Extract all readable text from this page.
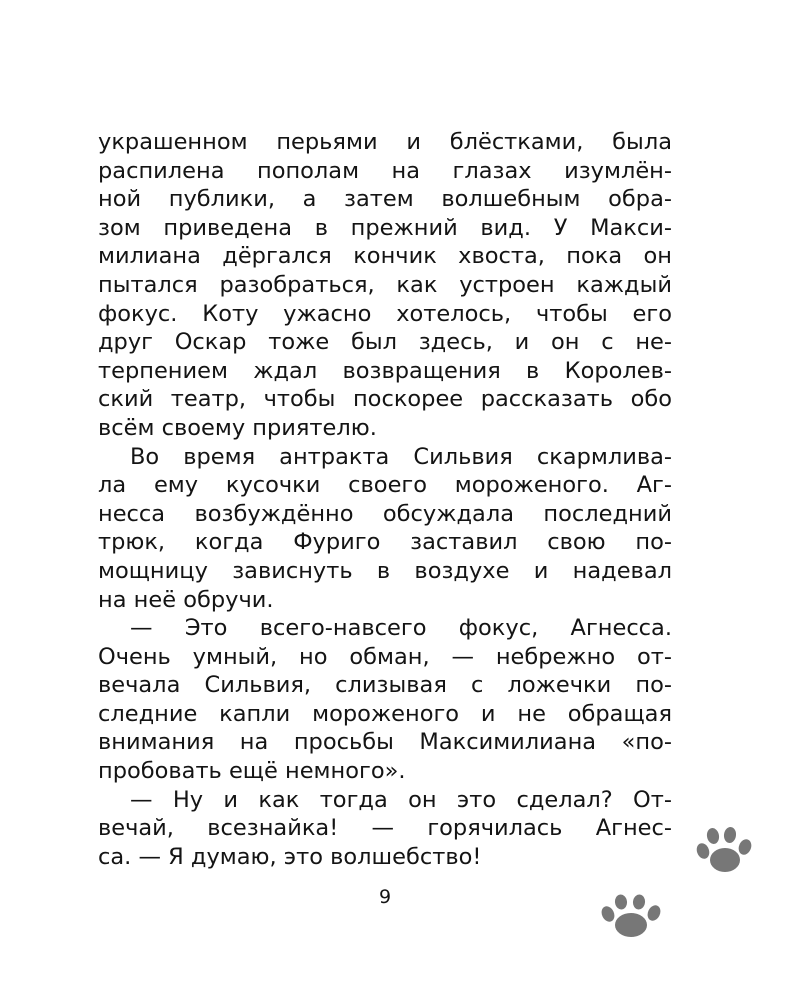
украшенном перьями и блёстками, была
распилена пополам на глазах изумлён-
ной публики, а затем волшебным обра-
зом приведена в прежний вид. У Макси-
милиана дёргался кончик хвоста, пока он
пытался разобраться, как устроен каждый
фокус. Коту ужасно хотелось, чтобы его
друг Оскар тоже был здесь, и он с не-
терпением ждал возвращения в Королев-
ский театр, чтобы поскорее рассказать обо
всём своему приятелю.
Во время антракта Сильвия скармлива-
ла ему кусочки своего мороженого. Аг-
несса возбуждённо обсуждала последний
трюк, когда Фуриго заставил свою по-
мощницу зависнуть в воздухе и надевал
на неё обручи.
— Это всего-навсего фокус, Агнесса.
Очень умный, но обман, — небрежно от-
вечала Сильвия, слизывая с ложечки по-
следние капли мороженого и не обращая
внимания на просьбы Максимилиана «по-
пробовать ещё немного».
— Ну и как тогда он это сделал? От-
вечай, всезнайка! — горячилась Агнес-
са. — Я думаю, это волшебство!
9
